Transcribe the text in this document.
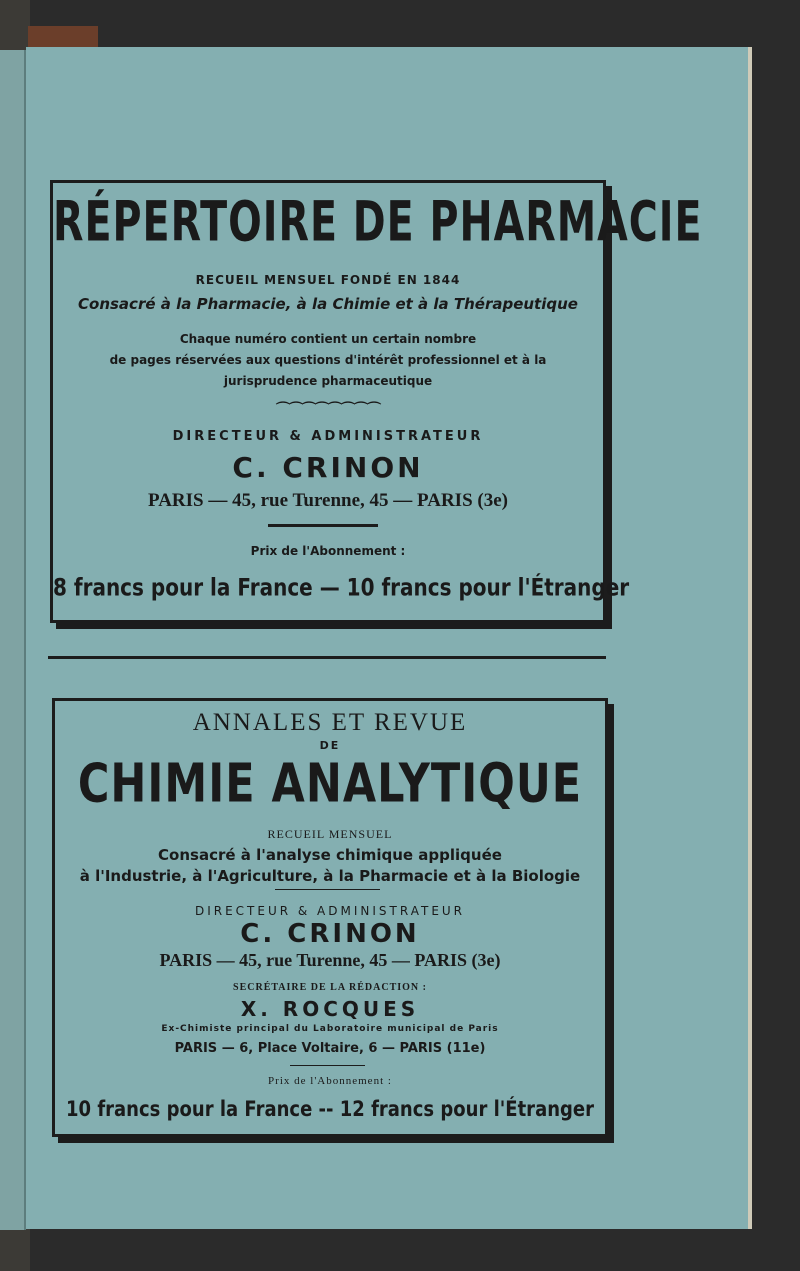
RÉPERTOIRE DE PHARMACIE
RECUEIL MENSUEL FONDÉ EN 1844
Consacré à la Pharmacie, à la Chimie et à la Thérapeutique
Chaque numéro contient un certain nombre
de pages réservées aux questions d'intérêt professionnel et à la
jurisprudence pharmaceutique
⌒⌒⌒⌒⌒⌒⌒⌒
DIRECTEUR & ADMINISTRATEUR
C. CRINON
PARIS — 45, rue Turenne, 45 — PARIS (3e)
Prix de l'Abonnement :
8 francs pour la France — 10 francs pour l'Étranger
ANNALES ET REVUE
DE
CHIMIE ANALYTIQUE
RECUEIL MENSUEL
Consacré à l'analyse chimique appliquée
à l'Industrie, à l'Agriculture, à la Pharmacie et à la Biologie
DIRECTEUR & ADMINISTRATEUR
C. CRINON
PARIS — 45, rue Turenne, 45 — PARIS (3e)
SECRÉTAIRE DE LA RÉDACTION :
X. ROCQUES
Ex-Chimiste principal du Laboratoire municipal de Paris
PARIS — 6, Place Voltaire, 6 — PARIS (11e)
Prix de l'Abonnement :
10 francs pour la France -- 12 francs pour l'Étranger
